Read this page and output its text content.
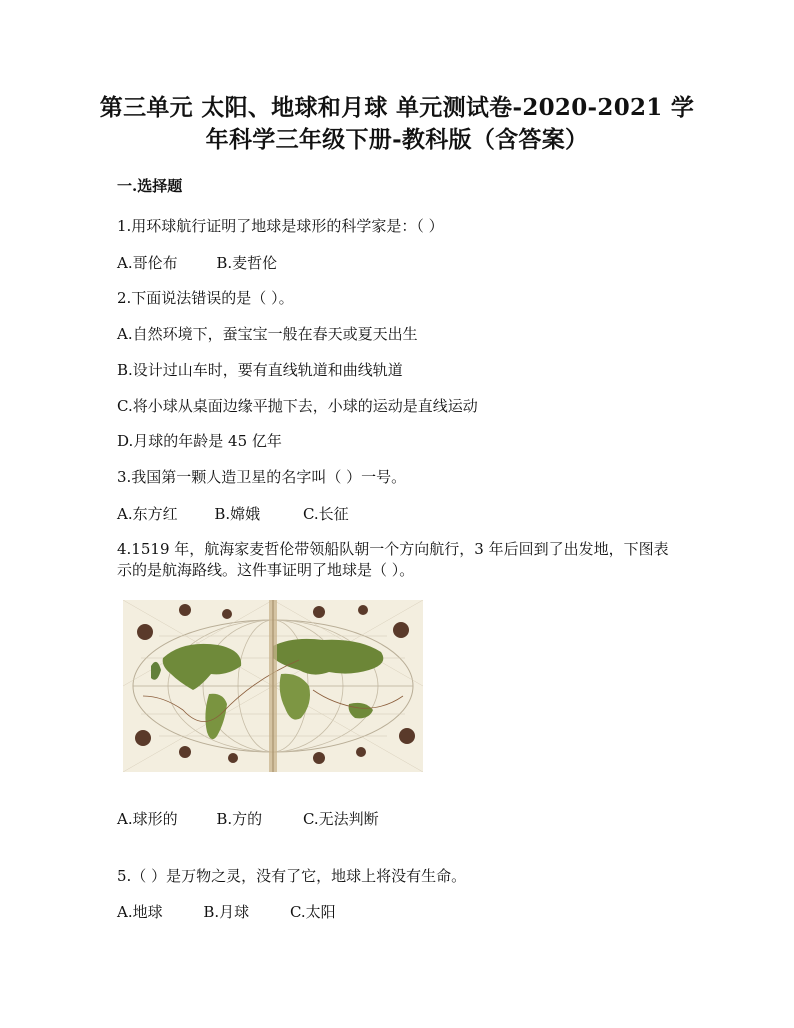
第三单元 太阳、地球和月球 单元测试卷-2020-2021 学
年科学三年级下册-教科版（含答案）
一.选择题
1.用环球航行证明了地球是球形的科学家是：（ ）
A.哥伦布	B.麦哲伦
2.下面说法错误的是（ ）。
A.自然环境下，蚕宝宝一般在春天或夏天出生
B.设计过山车时，要有直线轨道和曲线轨道
C.将小球从桌面边缘平抛下去，小球的运动是直线运动
D.月球的年龄是 45 亿年
3.我国第一颗人造卫星的名字叫（ ）一号。
A.东方红 B.嫦娥	C.长征
4.1519 年，航海家麦哲伦带领船队朝一个方向航行，3 年后回到了出发地，下图表示的是航海路线。这件事证明了地球是（ ）。
A.球形的	B.方的	C.无法判断
5.（ ）是万物之灵，没有了它，地球上将没有生命。
A.地球	B.月球	C.太阳
